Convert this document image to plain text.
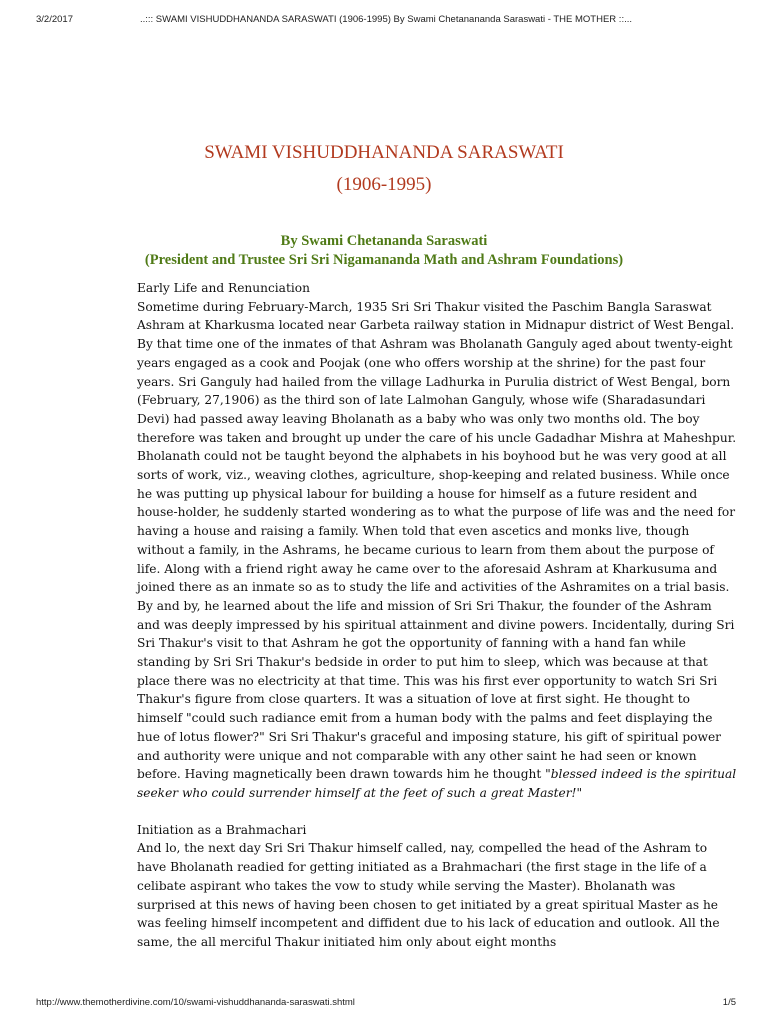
3/2/2017	..::: SWAMI VISHUDDHANANDA SARASWATI (1906-1995) By Swami Chetanananda Saraswati - THE MOTHER ::...
SWAMI VISHUDDHANANDA SARASWATI
(1906-1995)
By Swami Chetananda Saraswati
(President and Trustee Sri Sri Nigamananda Math and Ashram Foundations)
Early Life and Renunciation

Sometime during February-March, 1935 Sri Sri Thakur visited the Paschim Bangla Saraswat Ashram at Kharkusma located near Garbeta railway station in Midnapur district of West Bengal. By that time one of the inmates of that Ashram was Bholanath Ganguly aged about twenty-eight years engaged as a cook and Poojak (one who offers worship at the shrine) for the past four years. Sri Ganguly had hailed from the village Ladhurka in Purulia district of West Bengal, born (February, 27,1906) as the third son of late Lalmohan Ganguly, whose wife (Sharadasundari Devi) had passed away leaving Bholanath as a baby who was only two months old. The boy therefore was taken and brought up under the care of his uncle Gadadhar Mishra at Maheshpur. Bholanath could not be taught beyond the alphabets in his boyhood but he was very good at all sorts of work, viz., weaving clothes, agriculture, shop-keeping and related business. While once he was putting up physical labour for building a house for himself as a future resident and house-holder, he suddenly started wondering as to what the purpose of life was and the need for having a house and raising a family. When told that even ascetics and monks live, though without a family, in the Ashrams, he became curious to learn from them about the purpose of life. Along with a friend right away he came over to the aforesaid Ashram at Kharkusuma and joined there as an inmate so as to study the life and activities of the Ashramites on a trial basis. By and by, he learned about the life and mission of Sri Sri Thakur, the founder of the Ashram and was deeply impressed by his spiritual attainment and divine powers. Incidentally, during Sri Sri Thakur's visit to that Ashram he got the opportunity of fanning with a hand fan while standing by Sri Sri Thakur's bedside in order to put him to sleep, which was because at that place there was no electricity at that time. This was his first ever opportunity to watch Sri Sri Thakur's figure from close quarters. It was a situation of love at first sight. He thought to himself "could such radiance emit from a human body with the palms and feet displaying the hue of lotus flower?" Sri Sri Thakur's graceful and imposing stature, his gift of spiritual power and authority were unique and not comparable with any other saint he had seen or known before. Having magnetically been drawn towards him he thought "blessed indeed is the spiritual seeker who could surrender himself at the feet of such a great Master!"

Initiation as a Brahmachari

And lo, the next day Sri Sri Thakur himself called, nay, compelled the head of the Ashram to have Bholanath readied for getting initiated as a Brahmachari (the first stage in the life of a celibate aspirant who takes the vow to study while serving the Master). Bholanath was surprised at this news of having been chosen to get initiated by a great spiritual Master as he was feeling himself incompetent and diffident due to his lack of education and outlook. All the same, the all merciful Thakur initiated him only about eight months

http://www.themotherdivine.com/10/swami-vishuddhananda-saraswati.shtml	1/5
